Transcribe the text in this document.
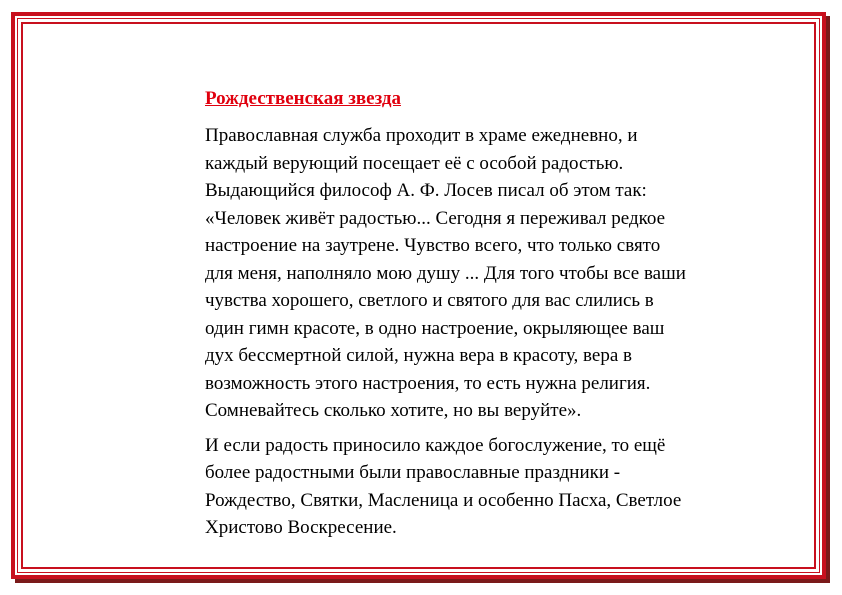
Рождественская звезда
Православная служба проходит в храме ежедневно, и
каждый верующий посещает её с особой радостью.
Выдающийся философ А. Ф. Лосев писал об этом так:
«Человек живёт радостью... Сегодня я переживал редкое
настроение на заутрене. Чувство всего, что только свято
для меня, наполняло мою душу ... Для того чтобы все ваши
чувства хорошего, светлого и святого для вас слились в
один гимн красоте, в одно настроение, окрыляющее ваш
дух бессмертной силой, нужна вера в красоту, вера в
возможность этого настроения, то есть нужна религия.
Сомневайтесь сколько хотите, но вы веруйте».
И если радость приносило каждое богослужение, то ещё
более радостными были православные праздники -
Рождество, Святки, Масленица и особенно Пасха, Светлое
Христово Воскресение.
